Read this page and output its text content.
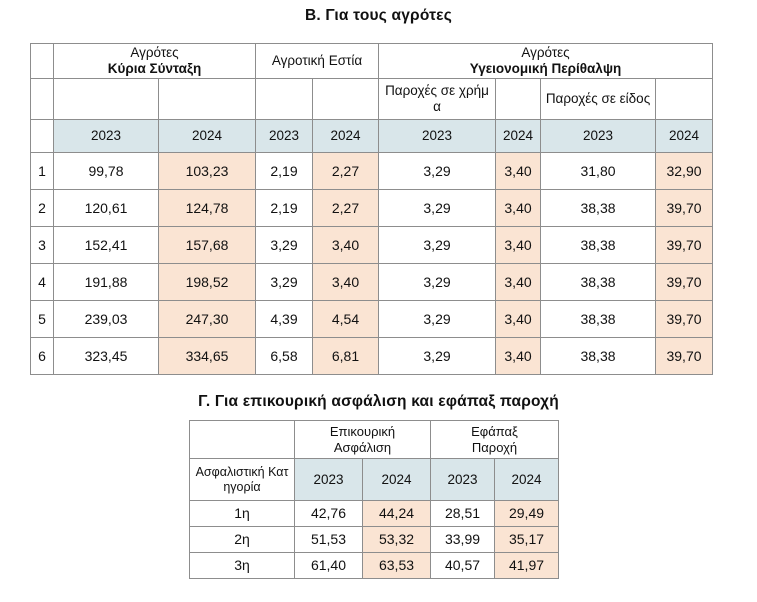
Β. Για τους αγρότες

	Αγρότες
Κύρια Σύνταξη		Αγροτική Εστία		Αγρότες
Υγειονομική Περίθαλψη			

					Παροχές σε χρήμα		Παροχές σε είδος	
	2023	2024	2023	2024	2023	2024	2023	2024
1	99,78	103,23	2,19	2,27	3,29	3,40	31,80	32,90
2	120,61	124,78	2,19	2,27	3,29	3,40	38,38	39,70
3	152,41	157,68	3,29	3,40	3,29	3,40	38,38	39,70
4	191,88	198,52	3,29	3,40	3,29	3,40	38,38	39,70
5	239,03	247,30	4,39	4,54	3,29	3,40	38,38	39,70
6	323,45	334,65	6,58	6,81	3,29	3,40	38,38	39,70
Γ. Για επικουρική ασφάλιση και εφάπαξ παροχή

	Επικουρική
Ασφάλιση		Εφάπαξ
Παροχή	

Ασφαλιστική Κατηγορία	2023	2024	2023	2024
1η	42,76	44,24	28,51	29,49
2η	51,53	53,32	33,99	35,17
3η	61,40	63,53	40,57	41,97
